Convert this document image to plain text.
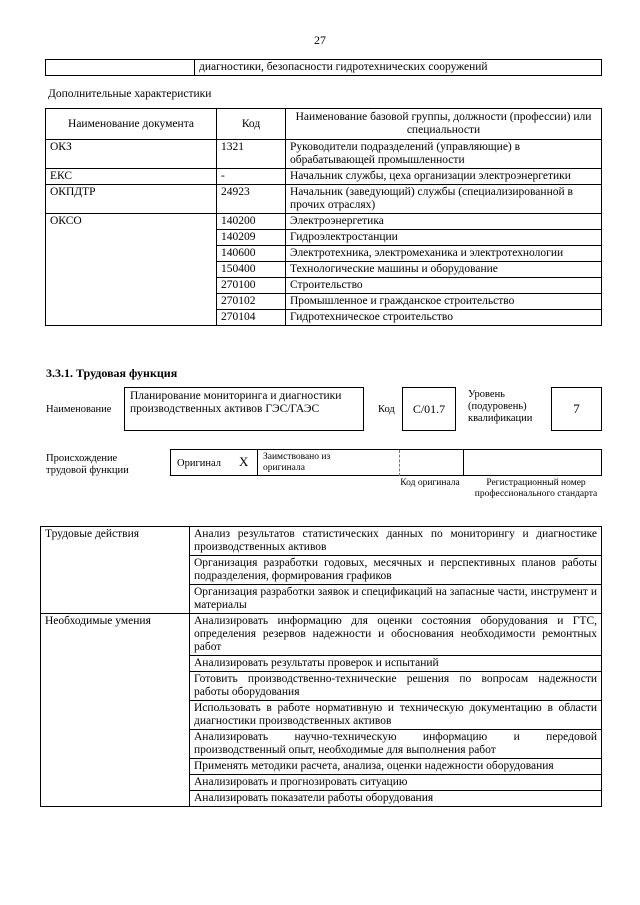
27
	диагностики, безопасности гидротехнических сооружений
Дополнительные характеристики
Наименование документа	Код	Наименование базовой группы, должности (профессии) или специальности
ОКЗ	1321	Руководители подразделений (управляющие) в обрабатывающей промышленности
ЕКС	-	Начальник службы, цеха организации электроэнергетики
ОКПДТР	24923	Начальник (заведующий) службы (специализированной в прочих отраслях)
ОКСО	140200	Электроэнергетика
	140209	Гидроэлектростанции
	140600	Электротехника, электромеханика и электротехнологии
	150400	Технологические машины и оборудование
	270100	Строительство
	270102	Промышленное и гражданское строительство
	270104	Гидротехническое строительство
3.3.1. Трудовая функция
Наименование
Планирование мониторинга и диагностики производственных активов ГЭС/ГАЭС	Код	C/01.7
Уровень (подуровень) квалификации
7
Происхождение трудовой функции
Оригинал X Заимствовано из оригинала
Код оригинала	Регистрационный номер профессионального стандарта
Трудовые действия	Анализ результатов статистических данных по мониторингу и диагностике производственных активов
	Организация разработки годовых, месячных и перспективных планов работы подразделения, формирования графиков
	Организация разработки заявок и спецификаций на запасные части, инструмент и материалы
Необходимые умения	Анализировать информацию для оценки состояния оборудования и ГТС, определения резервов надежности и обоснования необходимости ремонтных работ
	Анализировать результаты проверок и испытаний
	Готовить производственно-технические решения по вопросам надежности работы оборудования
	Использовать в работе нормативную и техническую документацию в области диагностики производственных активов
	Анализировать научно-техническую информацию и передовой производственный опыт, необходимые для выполнения работ
	Применять методики расчета, анализа, оценки надежности оборудования
	Анализировать и прогнозировать ситуацию
	Анализировать показатели работы оборудования
